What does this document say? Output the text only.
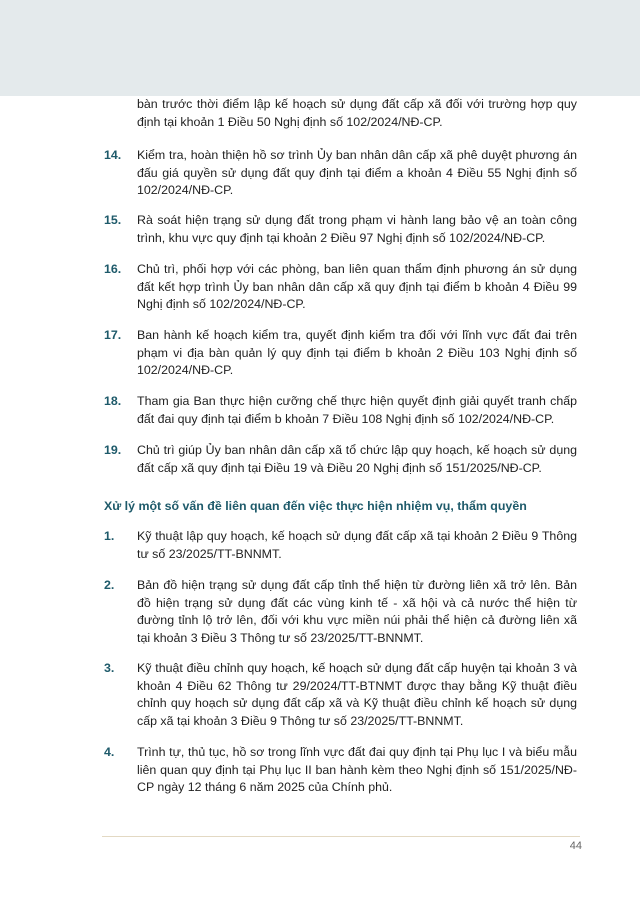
bàn trước thời điểm lập kế hoạch sử dụng đất cấp xã đối với trường hợp quy định tại khoản 1 Điều 50 Nghị định số 102/2024/NĐ-CP.

14. Kiểm tra, hoàn thiện hồ sơ trình Ủy ban nhân dân cấp xã phê duyệt phương án đấu giá quyền sử dụng đất quy định tại điểm a khoản 4 Điều 55 Nghị định số 102/2024/NĐ-CP.

15. Rà soát hiện trạng sử dụng đất trong phạm vi hành lang bảo vệ an toàn công trình, khu vực quy định tại khoản 2 Điều 97 Nghị định số 102/2024/NĐ-CP.

16. Chủ trì, phối hợp với các phòng, ban liên quan thẩm định phương án sử dụng đất kết hợp trình Ủy ban nhân dân cấp xã quy định tại điểm b khoản 4 Điều 99 Nghị định số 102/2024/NĐ-CP.

17. Ban hành kế hoạch kiểm tra, quyết định kiểm tra đối với lĩnh vực đất đai trên phạm vi địa bàn quản lý quy định tại điểm b khoản 2 Điều 103 Nghị định số 102/2024/NĐ-CP.

18. Tham gia Ban thực hiện cưỡng chế thực hiện quyết định giải quyết tranh chấp đất đai quy định tại điểm b khoản 7 Điều 108 Nghị định số 102/2024/NĐ-CP.

19. Chủ trì giúp Ủy ban nhân dân cấp xã tổ chức lập quy hoạch, kế hoạch sử dụng đất cấp xã quy định tại Điều 19 và Điều 20 Nghị định số 151/2025/NĐ-CP.

Xử lý một số vấn đề liên quan đến việc thực hiện nhiệm vụ, thẩm quyền
1. Kỹ thuật lập quy hoạch, kế hoạch sử dụng đất cấp xã tại khoản 2 Điều 9 Thông tư số 23/2025/TT-BNNMT.

2. Bản đồ hiện trạng sử dụng đất cấp tỉnh thể hiện từ đường liên xã trở lên. Bản đồ hiện trạng sử dụng đất các vùng kinh tế - xã hội và cả nước thể hiện từ đường tỉnh lộ trở lên, đối với khu vực miền núi phải thể hiện cả đường liên xã tại khoản 3 Điều 3 Thông tư số 23/2025/TT-BNNMT.

3. Kỹ thuật điều chỉnh quy hoạch, kế hoạch sử dụng đất cấp huyện tại khoản 3 và khoản 4 Điều 62 Thông tư 29/2024/TT-BTNMT được thay bằng Kỹ thuật điều chỉnh quy hoạch sử dụng đất cấp xã và Kỹ thuật điều chỉnh kế hoạch sử dụng cấp xã tại khoản 3 Điều 9 Thông tư số 23/2025/TT-BNNMT.

4. Trình tự, thủ tục, hồ sơ trong lĩnh vực đất đai quy định tại Phụ lục I và biểu mẫu liên quan quy định tại Phụ lục II ban hành kèm theo Nghị định số 151/2025/NĐ-CP ngày 12 tháng 6 năm 2025 của Chính phủ.

44
